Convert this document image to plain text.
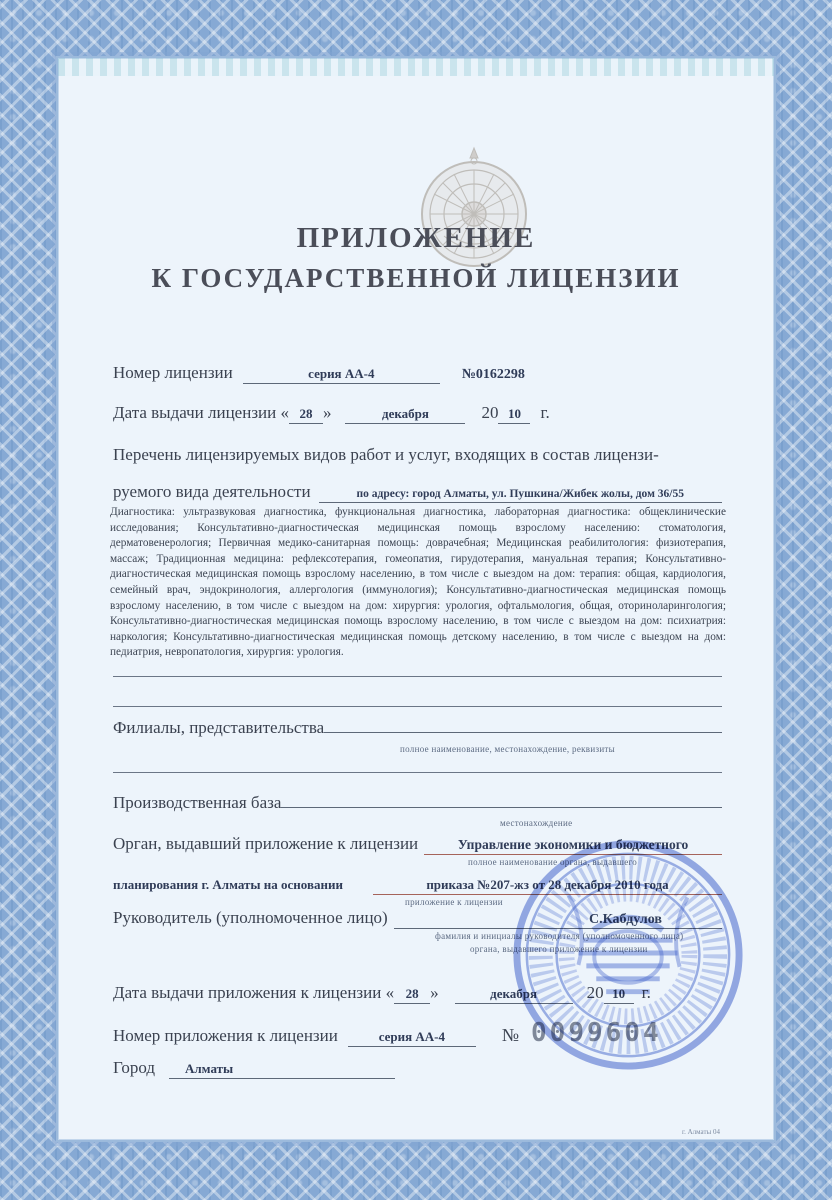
г. Алматы 04
ПРИЛОЖЕНИЕ
К ГОСУДАРСТВЕННОЙ ЛИЦЕНЗИИ
Номер лицензии	серия АА-4	№0162298
Дата выдачи лицензии « 28 »	декабря	20 10	г.
Перечень лицензируемых видов работ и услуг, входящих в состав лицензи-
руемого вида деятельности	по адресу: город Алматы, ул. Пушкина/Жибек жолы, дом 36/55
Диагностика: ультразвуковая диагностика, функциональная диагностика, лабораторная диагностика: общеклинические исследования; Консультативно-диагностическая медицинская помощь взрослому населению: стоматология, дерматовенерология; Первичная медико-санитарная помощь: доврачебная; Медицинская реабилитология: физиотерапия, массаж; Традиционная медицина: рефлексотерапия, гомеопатия, гирудотерапия, мануальная терапия; Консультативно-диагностическая медицинская помощь взрослому населению, в том числе с выездом на дом: терапия: общая, кардиология, семейный врач, эндокринология, аллергология (иммунология); Консультативно-диагностическая медицинская помощь взрослому населению, в том числе с выездом на дом: хирургия: урология, офтальмология, общая, оториноларингология; Консультативно-диагностическая медицинская помощь взрослому населению, в том числе с выездом на дом: психиатрия: наркология; Консультативно-диагностическая медицинская помощь детскому населению, в том числе с выездом на дом: педиатрия, невропатология, хирургия: урология.
Филиалы, представительства
полное наименование, местонахождение, реквизиты
Производственная база
местонахождение
Орган, выдавший приложение к лицензии	Управление экономики и бюджетного
полное наименование органа, выдавшего
планирования г. Алматы на основании	приказа №207-жз от 28 декабря 2010 года
приложение к лицензии
Руководитель (уполномоченное лицо)	С.Кабдулов
фамилия и инициалы руководителя (уполномоченного лица)
органа, выдавшего приложение к лицензии
Дата выдачи приложения к лицензии « 28 »	декабря	20 10 г.
Номер приложения к лицензии	серия АА-4	№ 0099604
Город	Алматы
